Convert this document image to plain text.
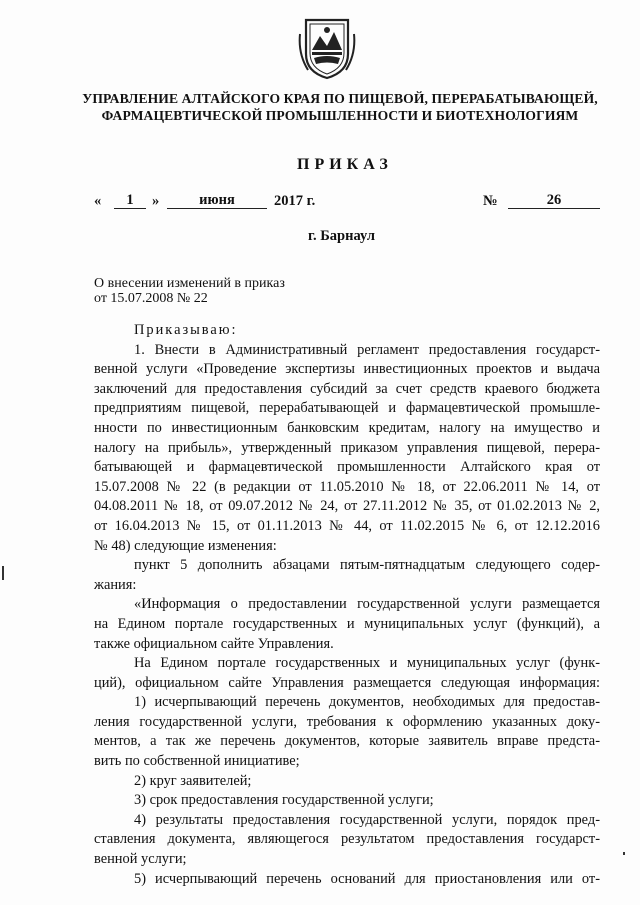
УПРАВЛЕНИЕ АЛТАЙСКОГО КРАЯ ПО ПИЩЕВОЙ, ПЕРЕРАБАТЫВАЮЩЕЙ,
ФАРМАЦЕВТИЧЕСКОЙ ПРОМЫШЛЕННОСТИ И БИОТЕХНОЛОГИЯМ
ПРИКАЗ
«	1	»	июня	2017 г.	№	26
г. Барнаул
О внесении изменений в приказ
от 15.07.2008 № 22
Приказываю:
1. Внести в Административный регламент предоставления государст-
венной услуги «Проведение экспертизы инвестиционных проектов и выдача
заключений для предоставления субсидий за счет средств краевого бюджета
предприятиям пищевой, перерабатывающей и фармацевтической промышле-
нности по инвестиционным банковским кредитам, налогу на имущество и
налогу на прибыль», утвержденный приказом управления пищевой, перера-
батывающей и фармацевтической промышленности Алтайского края от
15.07.2008 № 22 (в редакции от 11.05.2010 № 18, от 22.06.2011 № 14, от
04.08.2011 № 18, от 09.07.2012 № 24, от 27.11.2012 № 35, от 01.02.2013 № 2,
от 16.04.2013 № 15, от 01.11.2013 № 44, от 11.02.2015 № 6, от 12.12.2016
№ 48) следующие изменения:
пункт 5 дополнить абзацами пятым-пятнадцатым следующего содер-
жания:
«Информация о предоставлении государственной услуги размещается
на Едином портале государственных и муниципальных услуг (функций), а
также официальном сайте Управления.
На Едином портале государственных и муниципальных услуг (функ-
ций), официальном сайте Управления размещается следующая информация:
1) исчерпывающий перечень документов, необходимых для предостав-
ления государственной услуги, требования к оформлению указанных доку-
ментов, а так же перечень документов, которые заявитель вправе предста-
вить по собственной инициативе;
2) круг заявителей;
3) срок предоставления государственной услуги;
4) результаты предоставления государственной услуги, порядок пред-
ставления документа, являющегося результатом предоставления государст-
венной услуги;
5) исчерпывающий перечень оснований для приостановления или от-
